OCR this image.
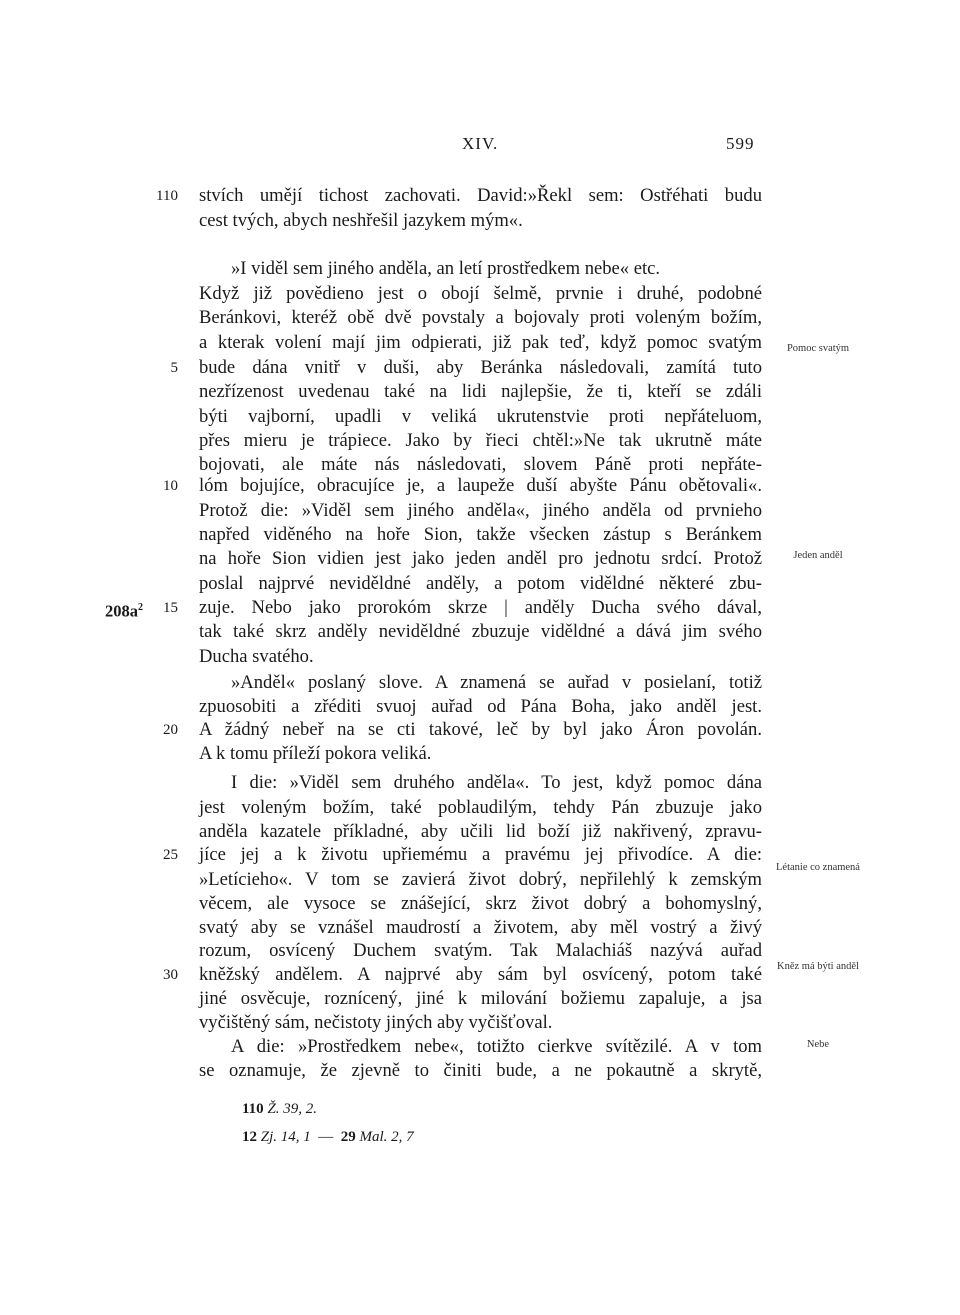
XIV.	599
110
5
10
15
20
25
30
$208a^2$
stvích umějí tichost zachovati. David:»Řekl sem: Ostřéhati budu
cest tvých, abych neshřešil jazykem mým«.
»I viděl sem jiného anděla, an letí prostředkem nebe« etc.
Když již povědieno jest o obojí šelmě, prvnie i druhé, podobné
Beránkovi, kteréž obě dvě povstaly a bojovaly proti voleným božím,
a kterak volení mají jim odpierati, již pak teď, když pomoc svatým
bude dána vnitř v duši, aby Beránka následovali, zamítá tuto
nezřízenost uvedenau také na lidi najlepšie, že ti, kteří se zdáli
býti vajborní, upadli v veliká ukrutenstvie proti nepřáteluom,
přes mieru je trápiece. Jako by řieci chtěl:»Ne tak ukrutně máte
bojovati, ale máte nás následovati, slovem Páně proti nepřáte-
lóm bojujíce, obracujíce je, a laupeže duší abyšte Pánu obětovali«.
Protož die: »Viděl sem jiného anděla«, jiného anděla od prvnieho
napřed viděného na hoře Sion, takže všecken zástup s Beránkem
na hoře Sion vidien jest jako jeden anděl pro jednotu srdcí. Protož
poslal najprvé neviděldné anděly, a potom viděldné některé zbu-
zuje. Nebo jako prorokóm skrze | anděly Ducha svého dával,
tak také skrz anděly neviděldné zbuzuje viděldné a dává jim svého
Ducha svatého.
»Anděl« poslaný slove. A znamená se auřad v posielaní, totiž
zpuosobiti a zřéditi svuoj auřad od Pána Boha, jako anděl jest.
A žádný nebeř na se cti takové, leč by byl jako Áron povolán.
A k tomu příleží pokora veliká.
I die: »Viděl sem druhého anděla«. To jest, když pomoc dána
jest voleným božím, také poblaudilým, tehdy Pán zbuzuje jako
anděla kazatele příkladné, aby učili lid boží již nakřivený, zpravu-
jíce jej a k životu upřiemému a pravému jej přivodíce. A die:
»Letícieho«. V tom se zavierá život dobrý, nepřilehlý k zemským
věcem, ale vysoce se znášející, skrz život dobrý a bohomyslný,
svatý aby se vznášel maudrostí a životem, aby měl vostrý a živý
rozum, osvícený Duchem svatým. Tak Malachiáš nazývá auřad
kněžský andělem. A najprvé aby sám byl osvícený, potom také
jiné osvěcuje, roznícený, jiné k milování božiemu zapaluje, a jsa
vyčištěný sám, nečistoty jiných aby vyčišťoval.
A die: »Prostředkem nebe«, totižto cierkve svítězilé. A v tom
se oznamuje, že zjevně to činiti bude, a ne pokautně a skrytě,
Pomoc svatým
Jeden anděl
Létanie co znamená
Kněz má býti anděl
Nebe
110 Ž. 39, 2.
12 Zj. 14, 1  —  29 Mal. 2, 7
